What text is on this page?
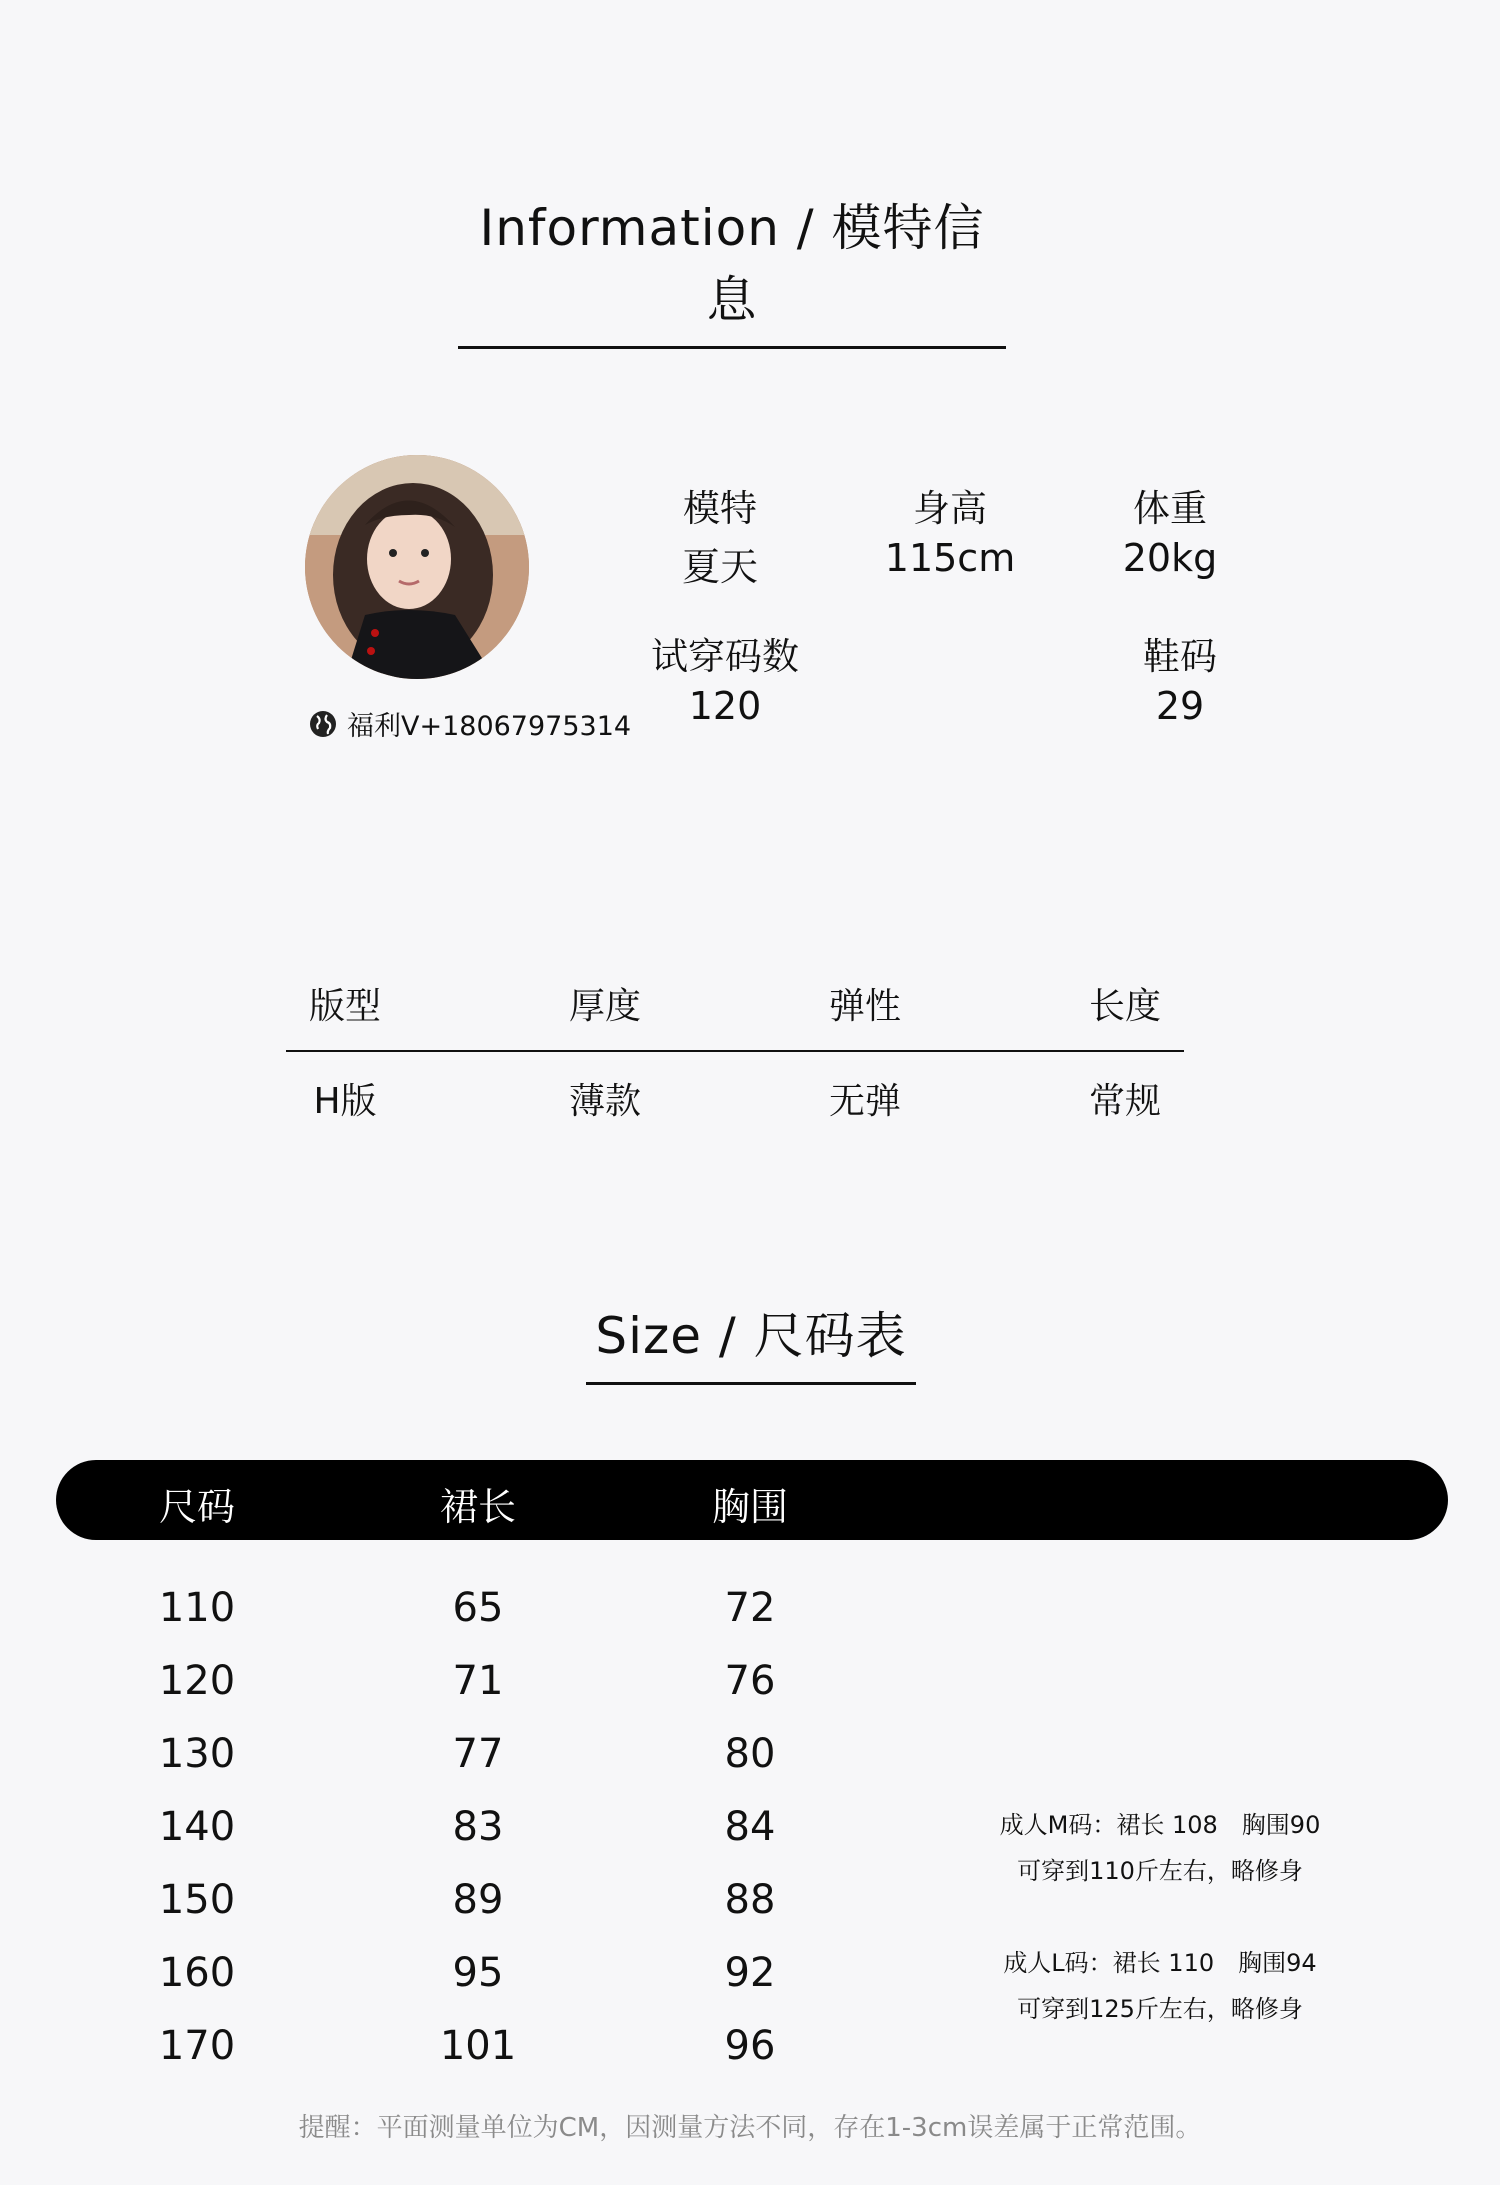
Information / 模特信息
福利V+18067975314
模特
夏天
身高
115cm
体重
20kg
试穿码数
120
鞋码
29
版型	厚度	弹性	长度
H版	薄款	无弹	常规
Size / 尺码表
尺码	裙长	胸围
110	65	72
120	71	76
130	77	80
140	83	84
150	89	88
160	95	92
170	101	96
成人M码：裙长 108　胸围90
可穿到110斤左右，略修身
成人L码：裙长 110　胸围94
可穿到125斤左右，略修身
提醒：平面测量单位为CM，因测量方法不同，存在1-3cm误差属于正常范围。
